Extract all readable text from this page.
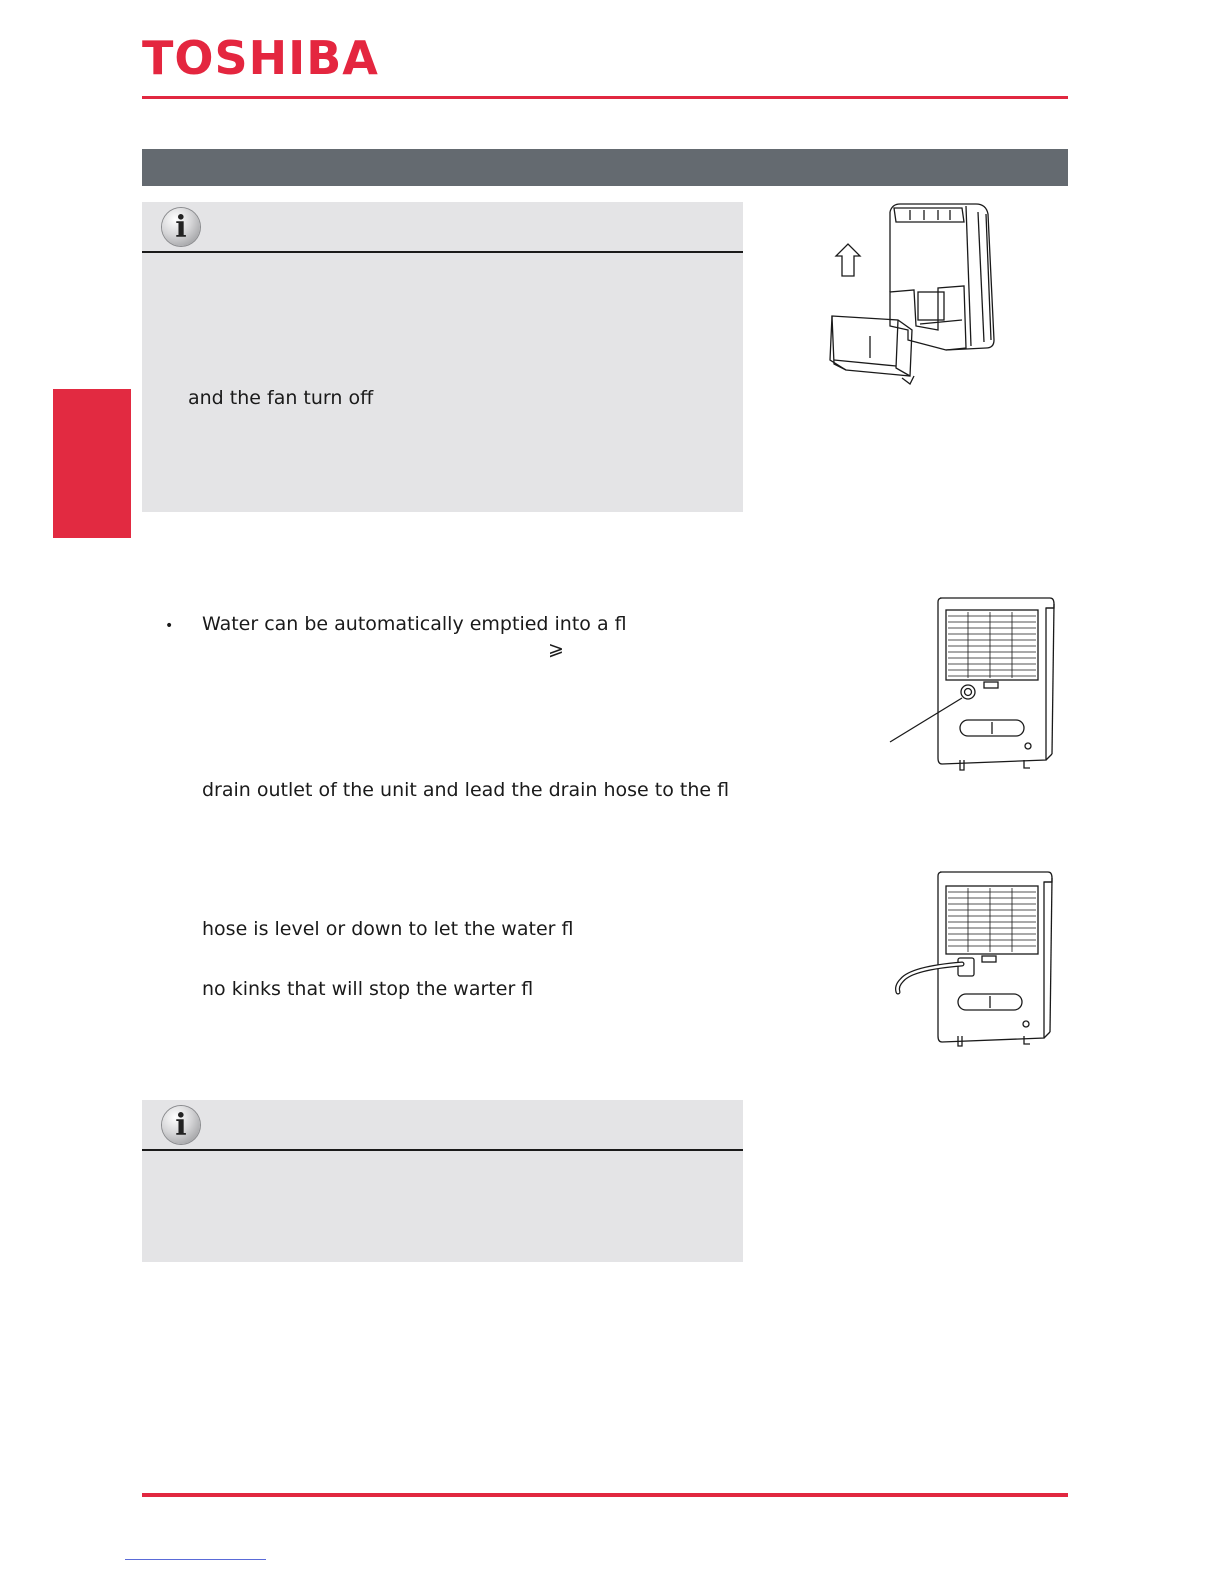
TOSHIBA
i
and the fan turn off
• Water can be automatically emptied into a fl
⩾
drain outlet of the unit and lead the drain hose to the fl
hose is level or down to let the water fl
no kinks that will stop the warter fl
i
